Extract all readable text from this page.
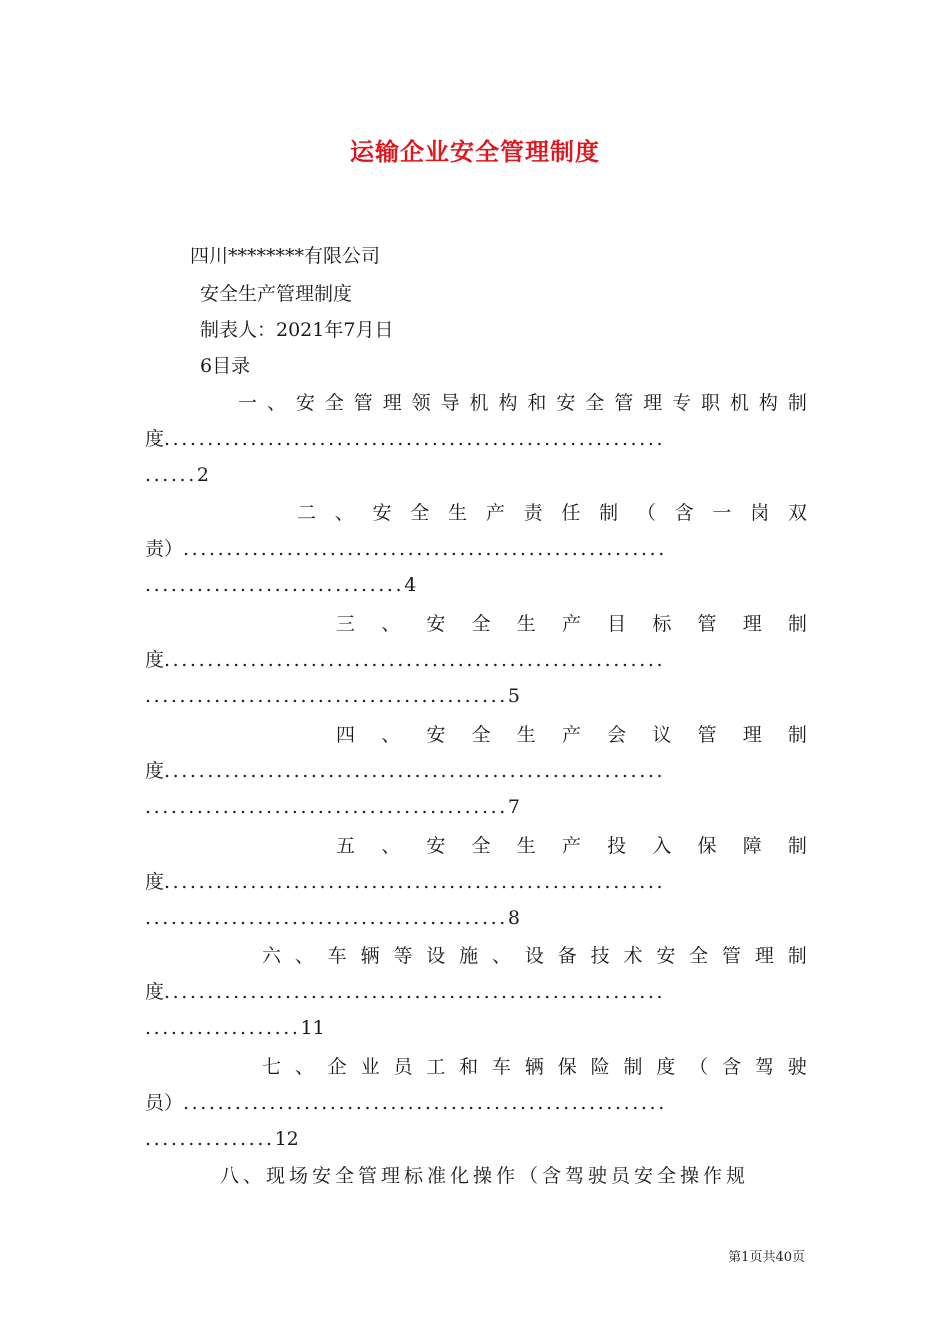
运输企业安全管理制度
四川********有限公司
安全生产管理制度
制表人：2021年7月日
6目录
一 、 安 全 管 理 领 导 机 构 和 安 全 管 理 专 职 机 构 制
度..........................................................
......2
二 、 安 全 生 产 责 任 制 （ 含 一 岗 双
责）........................................................
..............................4
三 、 安 全 生 产 目 标 管 理 制
度..........................................................
..........................................5
四 、 安 全 生 产 会 议 管 理 制
度..........................................................
..........................................7
五 、 安 全 生 产 投 入 保 障 制
度..........................................................
..........................................8
六 、 车 辆 等 设 施 、 设 备 技 术 安 全 管 理 制
度..........................................................
..................11
七 、 企 业 员 工 和 车 辆 保 险 制 度 （ 含 驾 驶
员）........................................................
...............12
八、现场安全管理标准化操作（含驾驶员安全操作规
第1页共40页
